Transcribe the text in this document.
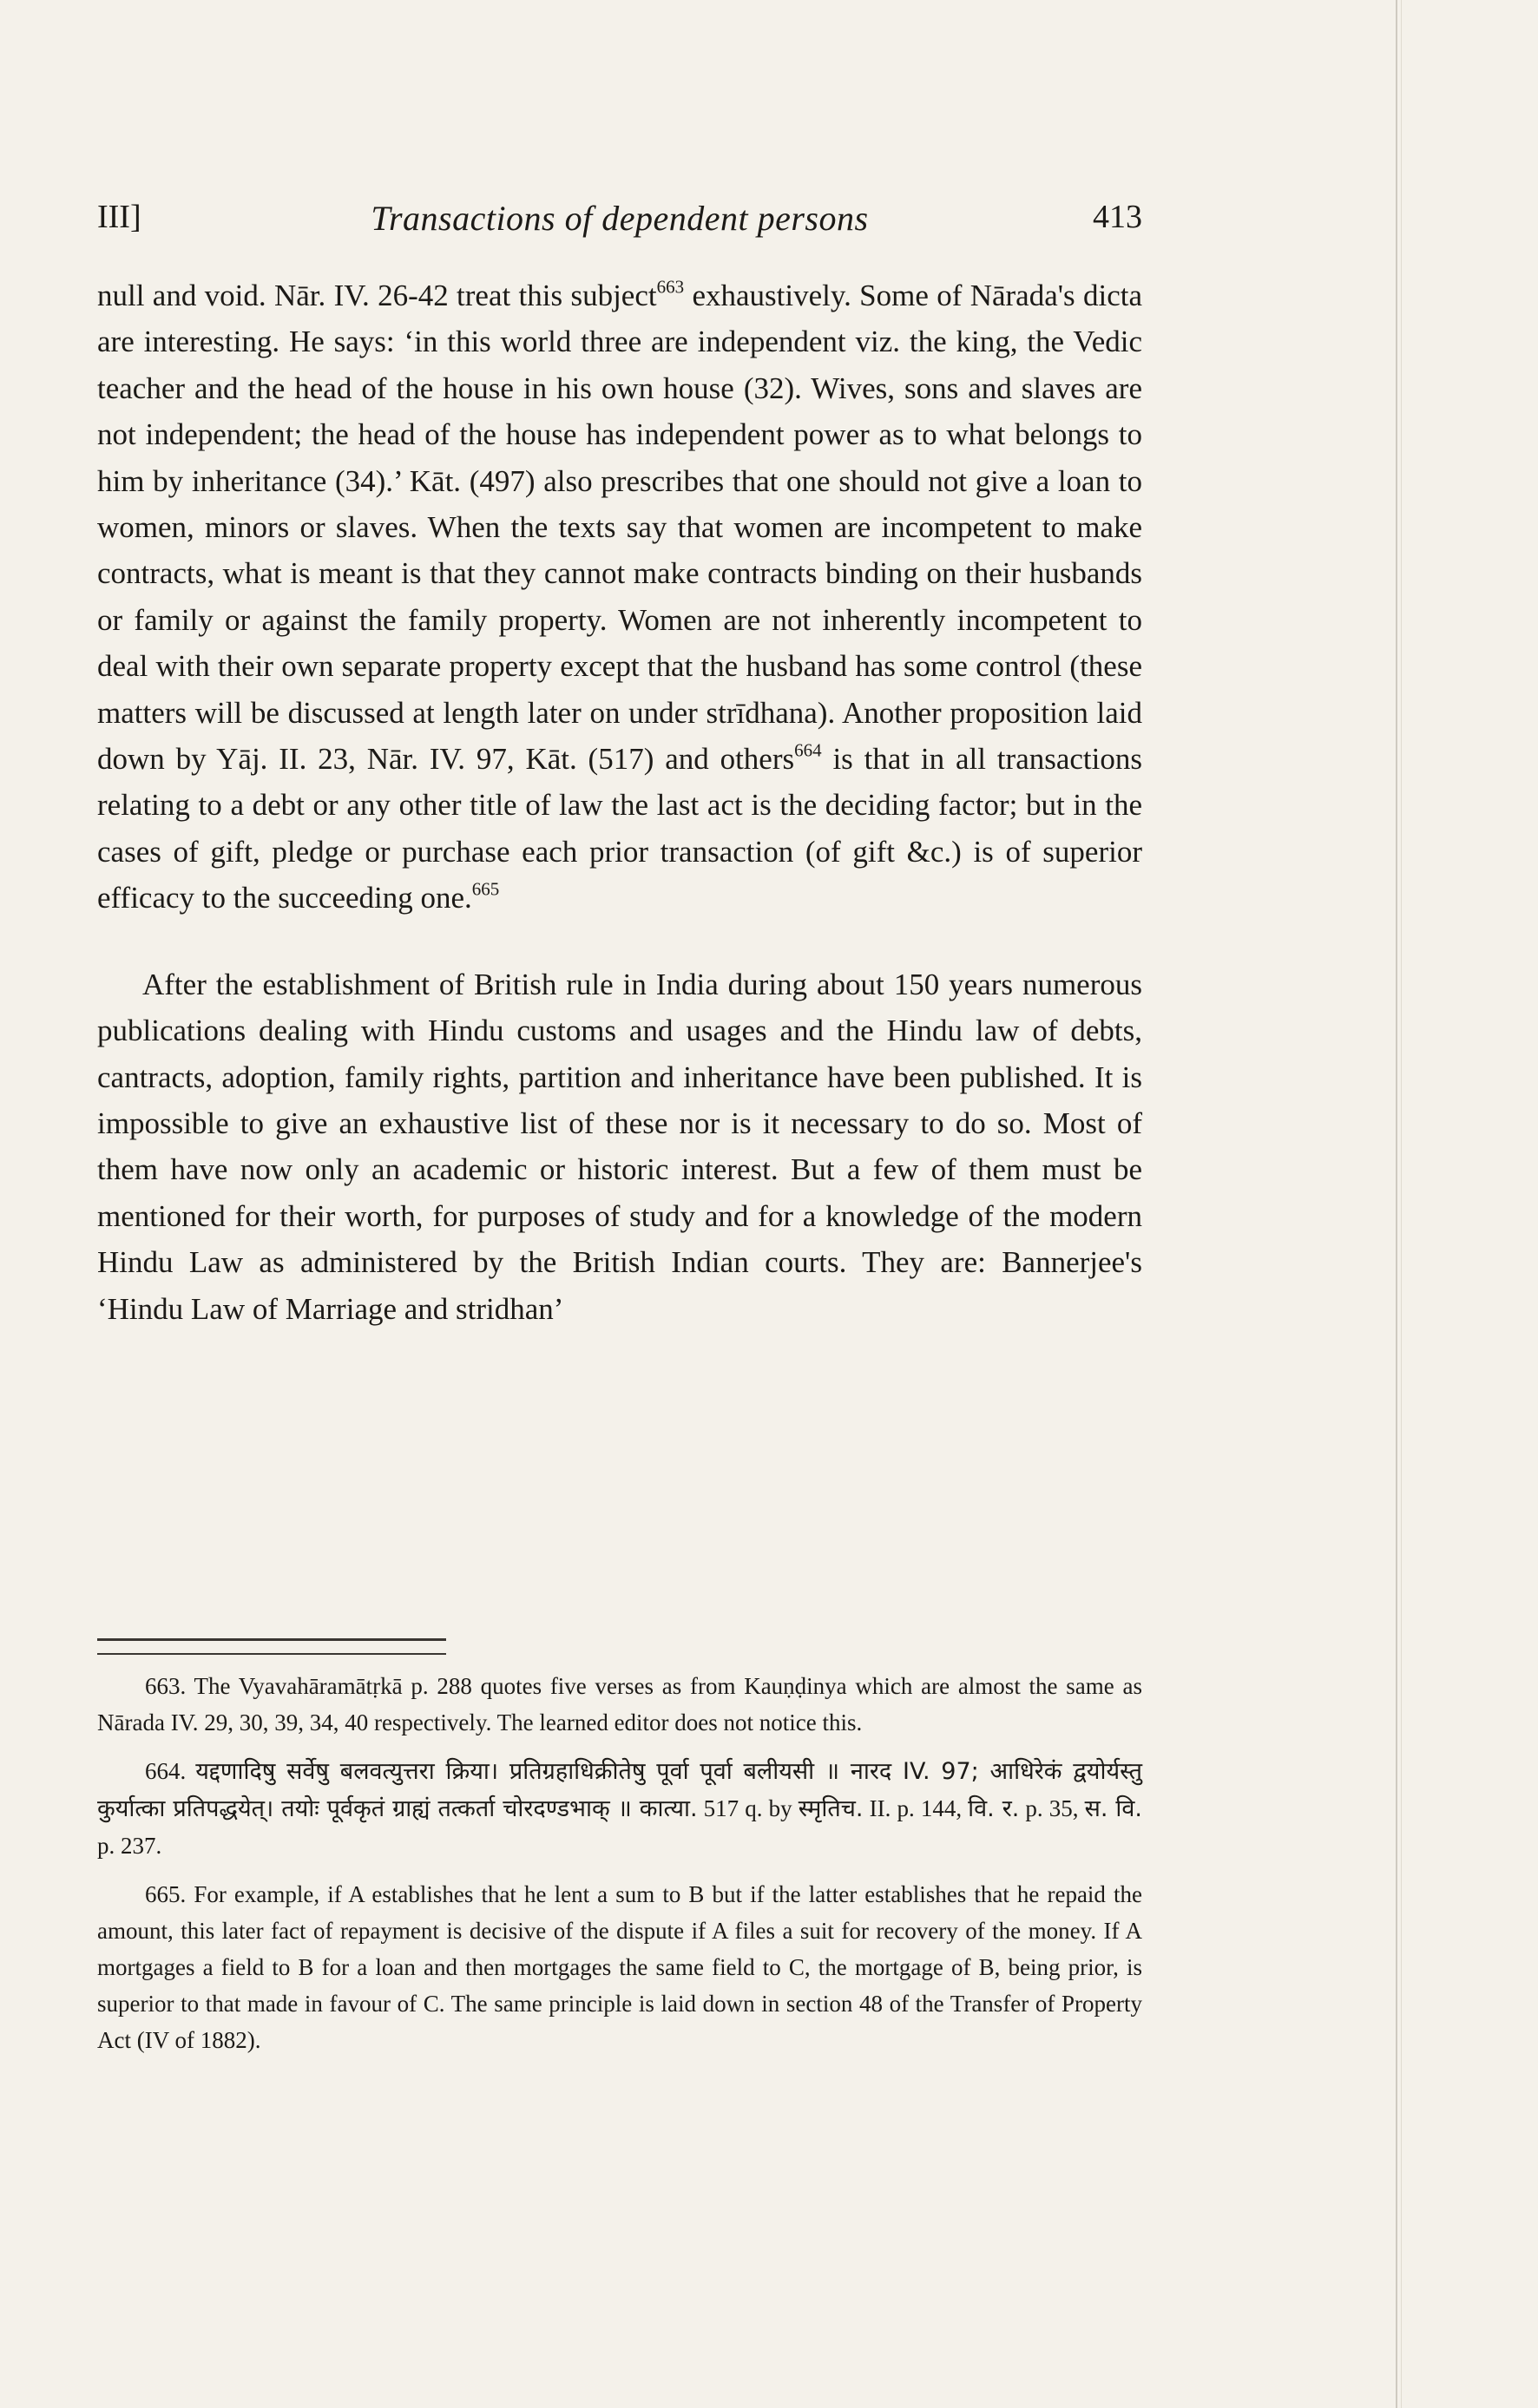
III]	Transactions of dependent persons	413

null and void. Nār. IV. 26-42 treat this subject$^{663}$ exhaustively. Some of Nārada's dicta are interesting. He says: ‘in this world three are independent viz. the king, the Vedic teacher and the head of the house in his own house (32). Wives, sons and slaves are not independent; the head of the house has independent power as to what belongs to him by inheritance (34).’ Kāt. (497) also prescribes that one should not give a loan to women, minors or slaves. When the texts say that women are incompetent to make contracts, what is meant is that they cannot make contracts binding on their husbands or family or against the family property. Women are not inherently incompetent to deal with their own separate property except that the husband has some control (these matters will be discussed at length later on under strīdhana). Another proposition laid down by Yāj. II. 23, Nār. IV. 97, Kāt. (517) and others$^{664}$ is that in all transactions relating to a debt or any other title of law the last act is the deciding factor; but in the cases of gift, pledge or purchase each prior transaction (of gift &c.) is of superior efficacy to the succeeding one.$^{665}$

After the establishment of British rule in India during about 150 years numerous publications dealing with Hindu customs and usages and the Hindu law of debts, cantracts, adoption, family rights, partition and inheritance have been published. It is impossible to give an exhaustive list of these nor is it necessary to do so. Most of them have now only an academic or historic interest. But a few of them must be mentioned for their worth, for purposes of study and for a knowledge of the modern Hindu Law as administered by the British Indian courts. They are: Bannerjee's ‘Hindu Law of Marriage and stridhan’

663. The Vyavahāramātṛkā p. 288 quotes five verses as from Kauṇḍinya which are almost the same as Nārada IV. 29, 30, 39, 34, 40 respectively. The learned editor does not notice this.

664. यद्दणादिषु सर्वेषु बलवत्युत्तरा क्रिया। प्रतिग्रहाधिक्रीतेषु पूर्वा पूर्वा बलीयसी ॥ नारद IV. 97; आधिरेकं द्वयोर्यस्तु कुर्यात्का प्रतिपद्धयेत्। तयोः पूर्वकृतं ग्राह्यं तत्कर्ता चोरदण्डभाक् ॥ कात्या. 517 q. by स्मृतिच. II. p. 144, वि. र. p. 35, स. वि. p. 237.

665. For example, if A establishes that he lent a sum to B but if the latter establishes that he repaid the amount, this later fact of repayment is decisive of the dispute if A files a suit for recovery of the money. If A mortgages a field to B for a loan and then mortgages the same field to C, the mortgage of B, being prior, is superior to that made in favour of C. The same principle is laid down in section 48 of the Transfer of Property Act (IV of 1882).
